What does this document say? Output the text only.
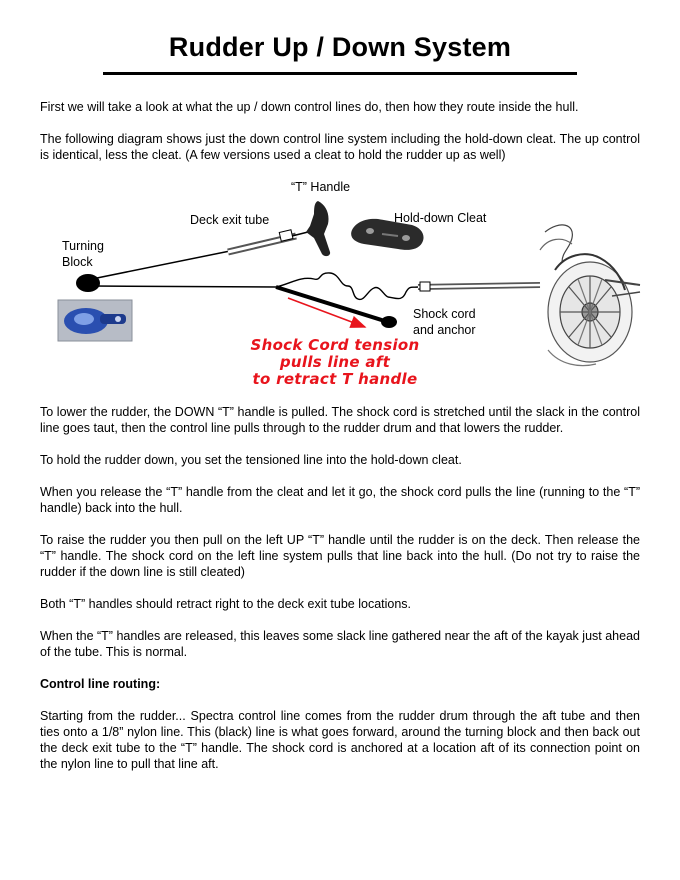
Rudder Up / Down System

First we will take a look at what the up / down control lines do, then how they route inside the hull.

The following diagram shows just the down control line system including the hold-down cleat. The up control is identical, less the cleat. (A few versions used a cleat to hold the rudder up as well)

“T” Handle
Deck exit tube	Hold-down Cleat
Turning
Block
Shock cord
and anchor
Shock Cord tension
pulls line aft
to retract T handle

To lower the rudder, the DOWN “T” handle is pulled. The shock cord is stretched until the slack in the control line goes taut, then the control line pulls through to the rudder drum and that lowers the rudder.

To hold the rudder down, you set the tensioned line into the hold-down cleat.

When you release the “T” handle from the cleat and let it go, the shock cord pulls the line (running to the “T” handle) back into the hull.

To raise the rudder you then pull on the left UP “T” handle until the rudder is on the deck. Then release the “T” handle. The shock cord on the left line system pulls that line back into the hull. (Do not try to raise the rudder if the down line is still cleated)

Both “T” handles should retract right to the deck exit tube locations.

When the “T” handles are released, this leaves some slack line gathered near the aft of the kayak just ahead of the tube. This is normal.

Control line routing:

Starting from the rudder... Spectra control line comes from the rudder drum through the aft tube and then ties onto a 1/8” nylon line. This (black) line is what goes forward, around the turning block and then back out the deck exit tube to the “T” handle. The shock cord is anchored at a location aft of its connection point on the nylon line to pull that line aft.
